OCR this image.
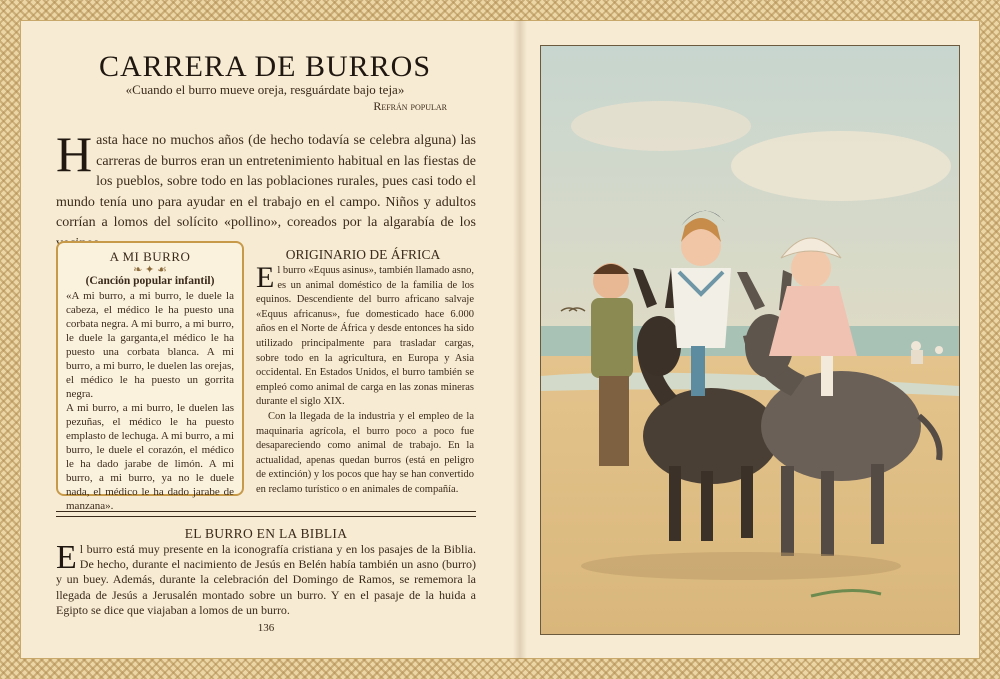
CARRERA DE BURROS
«Cuando el burro mueve oreja, resguárdate bajo teja»
Refrán popular
Hasta hace no muchos años (de hecho todavía se celebra alguna) las carreras de burros eran un entretenimiento habitual en las fiestas de los pueblos, sobre todo en las poblaciones rurales, pues casi todo el mundo tenía uno para ayudar en el trabajo en el campo. Niños y adultos corrían a lomos del solícito «pollino», coreados por la algarabía de los
A MI BURRO
❧ ✦ ☙
(Canción popular infantil)
«A mi burro, a mi burro, le duele la cabeza, el médico le ha puesto una corbata negra. A mi burro, a mi burro, le duele la garganta,el médico le ha puesto una corbata blanca. A mi burro, a mi burro, le duelen las orejas, el médico le ha puesto un gorrita negra.
A mi burro, a mi burro, le duelen las pezuñas, el médico le ha puesto emplasto de lechuga. A mi burro, a mi burro, le duele el corazón, el médico le ha dado jarabe de limón. A mi burro, a mi burro, ya no le duele nada, el médico le ha dado jarabe de manzana».
ORIGINARIO DE ÁFRICA

El burro «Equus asinus», también llamado asno, es un animal doméstico de la familia de los equinos. Descendiente del burro africano salvaje «Equus africanus», fue domesticado hace 6.000 años en el Norte de África y desde entonces ha sido utilizado principalmente para trasladar cargas, sobre todo en la agricultura, en Europa y Asia occidental. En Estados Unidos, el burro también se empleó como animal de carga en las zonas mineras durante el siglo XIX.

Con la llegada de la industria y el empleo de la maquinaria agrícola, el burro poco a poco fue desapareciendo como animal de trabajo. En la actualidad, apenas quedan burros (está en peligro de extinción) y los pocos que hay se han convertido en reclamo turístico o en animales de compañía.

EL BURRO EN LA BIBLIA
El burro está muy presente en la iconografía cristiana y en los pasajes de la Biblia. De hecho, durante el nacimiento de Jesús en Belén había también un asno (burro) y un buey. Además, durante la celebración del Domingo de Ramos, se rememora la llegada de Jesús a Jerusalén montado sobre un burro. Y en el pasaje de la huida a Egipto se dice que viajaban a lomos de un burro.
136
